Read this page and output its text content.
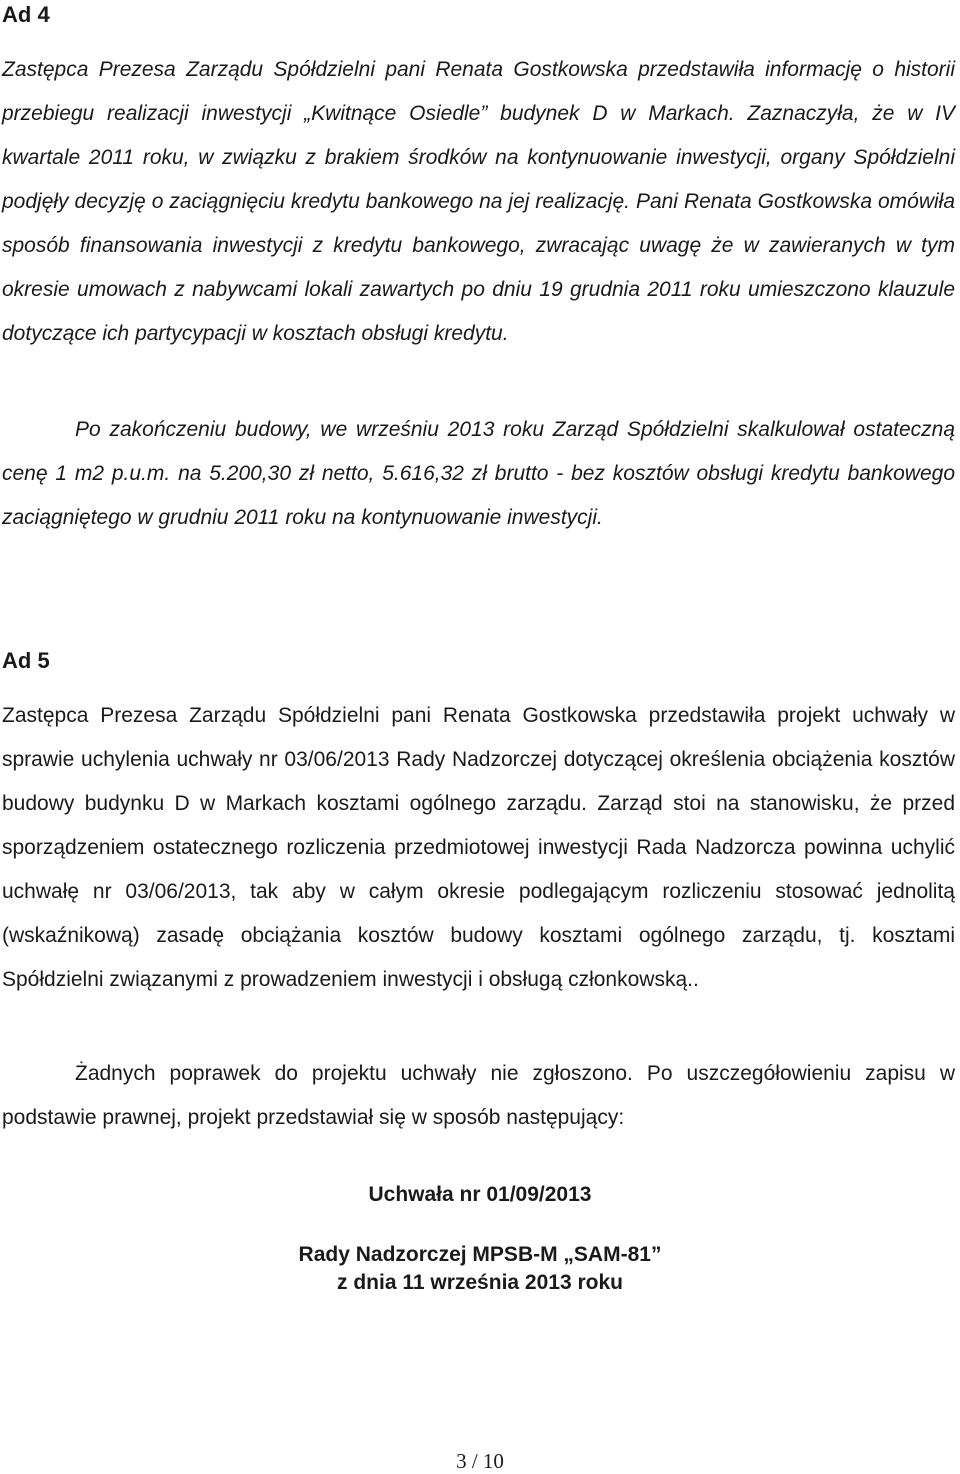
Ad 4

Zastępca Prezesa Zarządu Spółdzielni pani Renata Gostkowska przedstawiła informację o historii przebiegu realizacji inwestycji „Kwitnące Osiedle” budynek D w Markach. Zaznaczyła, że w IV kwartale 2011 roku, w związku z brakiem środków na kontynuowanie inwestycji, organy Spółdzielni podjęły decyzję o zaciągnięciu kredytu bankowego na jej realizację. Pani Renata Gostkowska omówiła sposób finansowania inwestycji z kredytu bankowego, zwracając uwagę że w zawieranych w tym okresie umowach z nabywcami lokali zawartych po dniu 19 grudnia 2011 roku umieszczono klauzule dotyczące ich partycypacji w kosztach obsługi kredytu.

Po zakończeniu budowy, we wrześniu 2013 roku Zarząd Spółdzielni skalkulował ostateczną cenę 1 m2 p.u.m. na 5.200,30 zł netto, 5.616,32 zł brutto - bez kosztów obsługi kredytu bankowego zaciągniętego w grudniu 2011 roku na kontynuowanie inwestycji.

Ad 5

Zastępca Prezesa Zarządu Spółdzielni pani Renata Gostkowska przedstawiła projekt uchwały w sprawie uchylenia uchwały nr 03/06/2013 Rady Nadzorczej dotyczącej określenia obciążenia kosztów budowy budynku D w Markach kosztami ogólnego zarządu. Zarząd stoi na stanowisku, że przed sporządzeniem ostatecznego rozliczenia przedmiotowej inwestycji Rada Nadzorcza powinna uchylić uchwałę nr 03/06/2013, tak aby w całym okresie podlegającym rozliczeniu stosować jednolitą (wskaźnikową) zasadę obciążania kosztów budowy kosztami ogólnego zarządu, tj. kosztami Spółdzielni związanymi z prowadzeniem inwestycji i obsługą członkowską..

Żadnych poprawek do projektu uchwały nie zgłoszono. Po uszczegółowieniu zapisu w podstawie prawnej, projekt przedstawiał się w sposób następujący:

Uchwała nr 01/09/2013

Rady Nadzorczej MPSB-M „SAM-81”

z dnia 11 września 2013 roku

3 / 10
